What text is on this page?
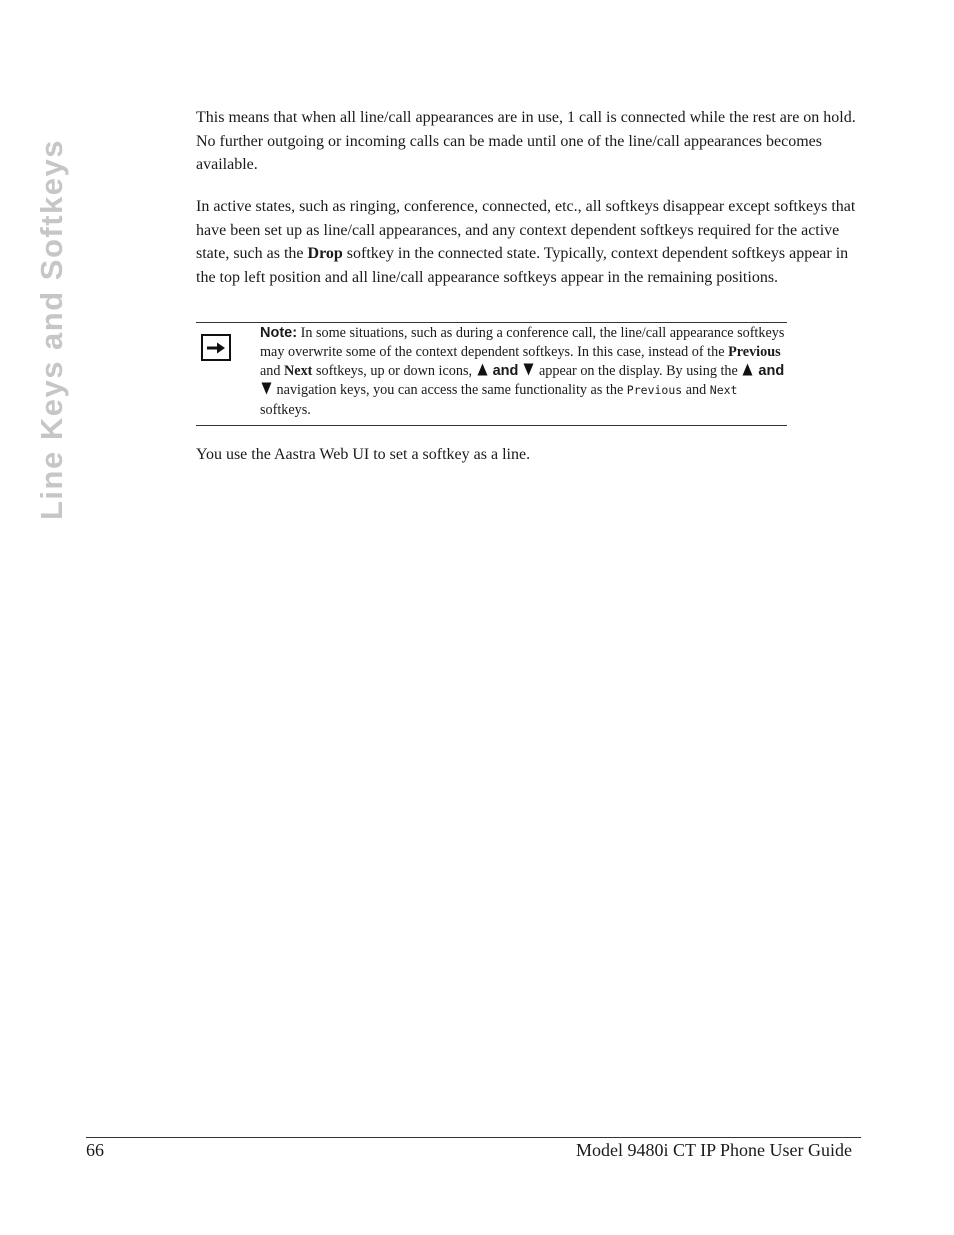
Line Keys and Softkeys

This means that when all line/call appearances are in use, 1 call is connected while the rest are on hold. No further outgoing or incoming calls can be made until one of the line/call appearances becomes available.

In active states, such as ringing, conference, connected, etc., all softkeys disappear except softkeys that have been set up as line/call appearances, and any context dependent softkeys required for the active state, such as the Drop softkey in the connected state. Typically, context dependent softkeys appear in the top left position and all line/call appearance softkeys appear in the remaining positions.

Note: In some situations, such as during a conference call, the line/call appearance softkeys may overwrite some of the context dependent softkeys. In this case, instead of the Previous and Next softkeys, up or down icons,  and  appear on the display. By using the  and  navigation keys, you can access the same functionality as the Previous and Next softkeys.

You use the Aastra Web UI to set a softkey as a line.

66	Model 9480i CT IP Phone User Guide
